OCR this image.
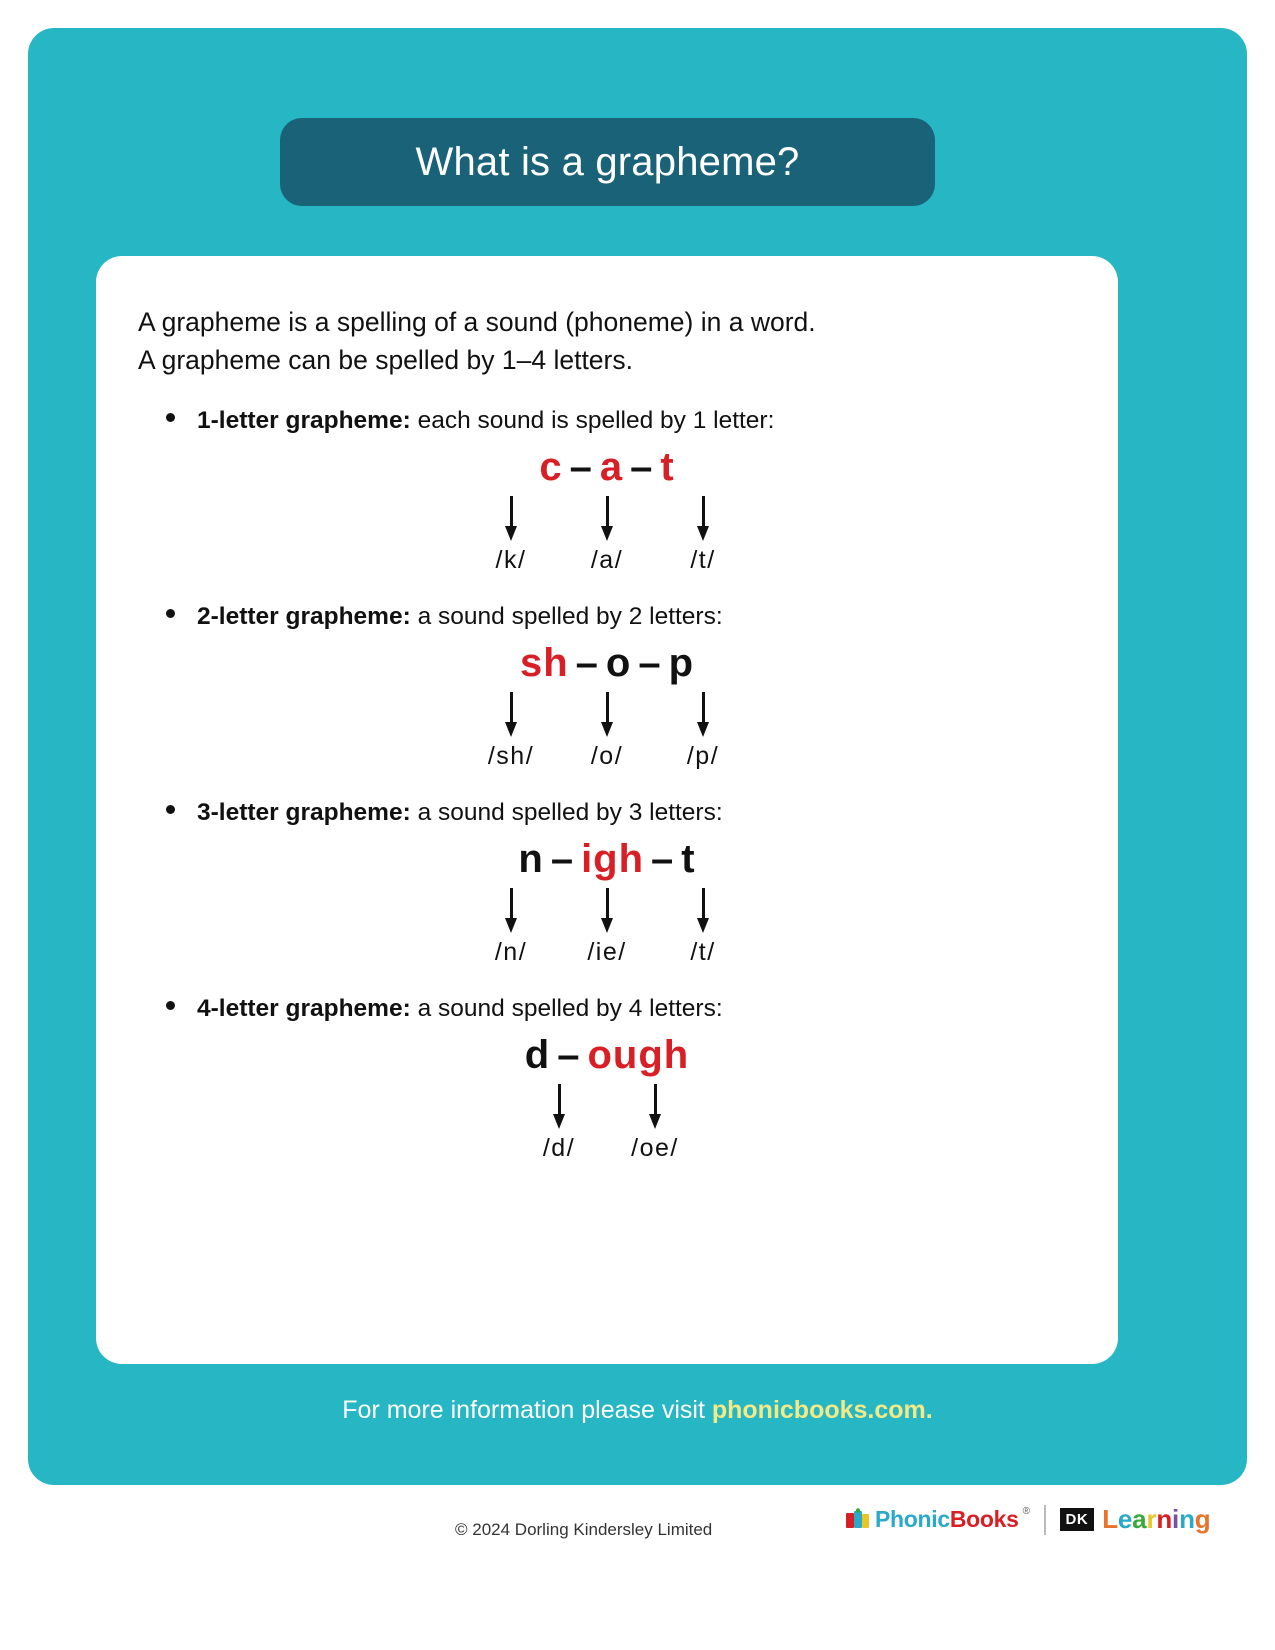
What is a grapheme?

A grapheme is a spelling of a sound (phoneme) in a word.
A grapheme can be spelled by 1–4 letters.

1-letter grapheme: each sound is spelled by 1 letter:
c – a – t
/k/	/a/	/t/
2-letter grapheme: a sound spelled by 2 letters:
sh – o – p
/sh/	/o/	/p/
3-letter grapheme: a sound spelled by 3 letters:
n – igh – t
/n/	/ie/	/t/
4-letter grapheme: a sound spelled by 4 letters:
d – ough
/d/	/oe/
For more information please visit phonicbooks.com.
© 2024 Dorling Kindersley Limited	PhonicBooks ®	DK Learning
